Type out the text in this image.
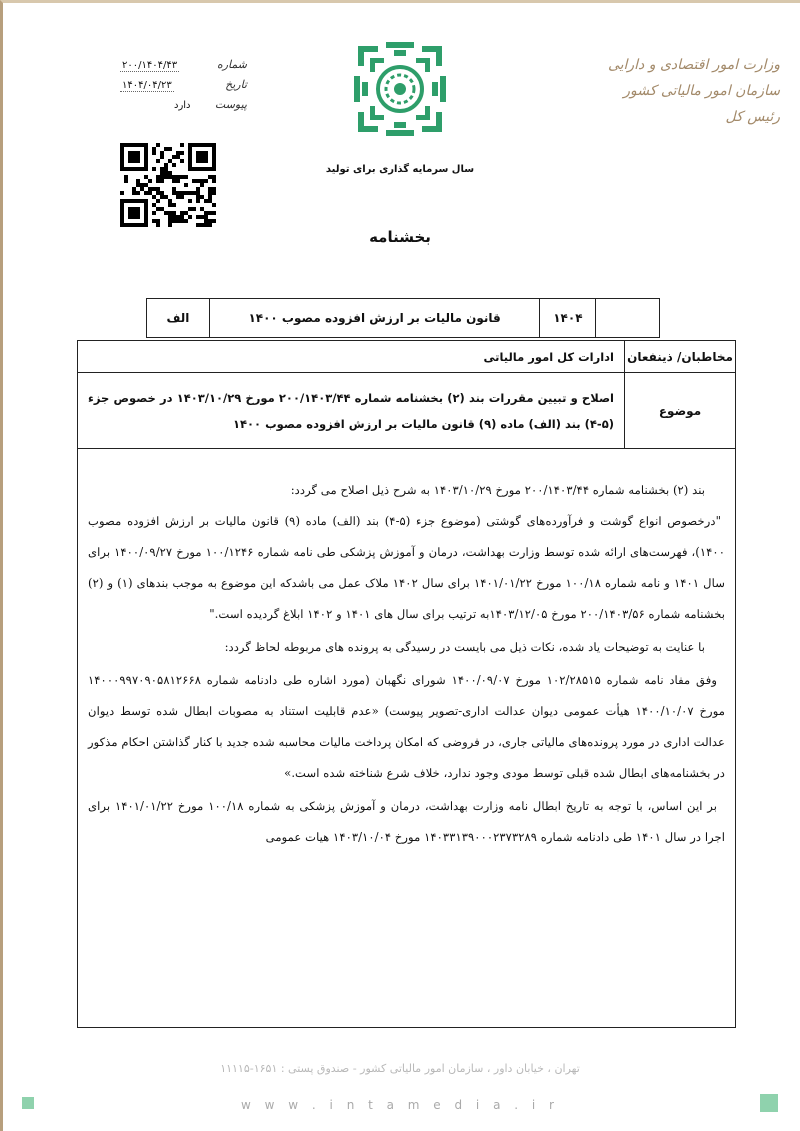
وزارت امور اقتصادی و دارایی
سازمان امور مالیاتی کشور
رئیس کل
سال سرمایه گذاری برای تولید
شماره
۲۰۰/۱۴۰۴/۴۳
تاریخ
۱۴۰۴/۰۴/۲۳
پیوست
دارد
بخشنامه
۱۴۰۴
قانون مالیات بر ارزش افزوده مصوب ۱۴۰۰
الف
مخاطبان/ ذینفعان
ادارات کل امور مالیاتی
موضوع
اصلاح و تبیین مقررات بند (۲) بخشنامه شماره ۲۰۰/۱۴۰۳/۴۴ مورخ ۱۴۰۳/۱۰/۲۹ در خصوص جزء (۵-۴) بند (الف) ماده (۹) قانون مالیات بر ارزش افزوده مصوب ۱۴۰۰

بند (۲) بخشنامه شماره ۲۰۰/۱۴۰۳/۴۴ مورخ ۱۴۰۳/۱۰/۲۹ به شرح ذیل اصلاح می گردد:

"درخصوص انواع گوشت و فرآورده‌های گوشتی (موضوع جزء (۵-۴) بند (الف) ماده (۹) قانون مالیات بر ارزش افزوده مصوب ۱۴۰۰)، فهرست‌های ارائه شده توسط وزارت بهداشت، درمان و آموزش پزشکی طی نامه شماره ۱۰۰/۱۲۴۶ مورخ ۱۴۰۰/۰۹/۲۷ برای سال ۱۴۰۱ و نامه شماره ۱۰۰/۱۸ مورخ ۱۴۰۱/۰۱/۲۲ برای سال ۱۴۰۲ ملاک عمل می باشدکه این موضوع به موجب بندهای (۱) و (۲) بخشنامه شماره ۲۰۰/۱۴۰۳/۵۶ مورخ ۱۴۰۳/۱۲/۰۵به ترتیب برای سال های ۱۴۰۱ و ۱۴۰۲ ابلاغ گردیده است."

با عنایت به توضیحات یاد شده، نکات ذیل می بایست در رسیدگی به پرونده های مربوطه لحاظ گردد:

وفق مفاد نامه شماره ۱۰۲/۲۸۵۱۵ مورخ ۱۴۰۰/۰۹/۰۷ شورای نگهبان (مورد اشاره طی دادنامه شماره ۱۴۰۰۰۹۹۷۰۹۰۵۸۱۲۶۶۸ مورخ ۱۴۰۰/۱۰/۰۷ هیأت عمومی دیوان عدالت اداری-تصویر پیوست) «عدم قابلیت استناد به مصوبات ابطال شده توسط دیوان عدالت اداری در مورد پرونده‌های مالیاتی جاری، در فروضی که امکان پرداخت مالیات محاسبه شده جدید با کنار گذاشتن احکام مذکور در بخشنامه‌های ابطال شده قبلی توسط مودی وجود ندارد، خلاف شرع شناخته شده است.»

بر این اساس، با توجه به تاریخ ابطال نامه وزارت بهداشت، درمان و آموزش پزشکی به شماره ۱۰۰/۱۸ مورخ ۱۴۰۱/۰۱/۲۲ برای اجرا در سال ۱۴۰۱ طی دادنامه شماره ۱۴۰۳۳۱۳۹۰۰۰۲۳۷۳۲۸۹ مورخ ۱۴۰۳/۱۰/۰۴ هیات عمومی

تهران ، خیابان داور ، سازمان امور مالیاتی کشور - صندوق پستی : ۱۶۵۱-۱۱۱۱۵
w w w . i n t a m e d i a . i r
